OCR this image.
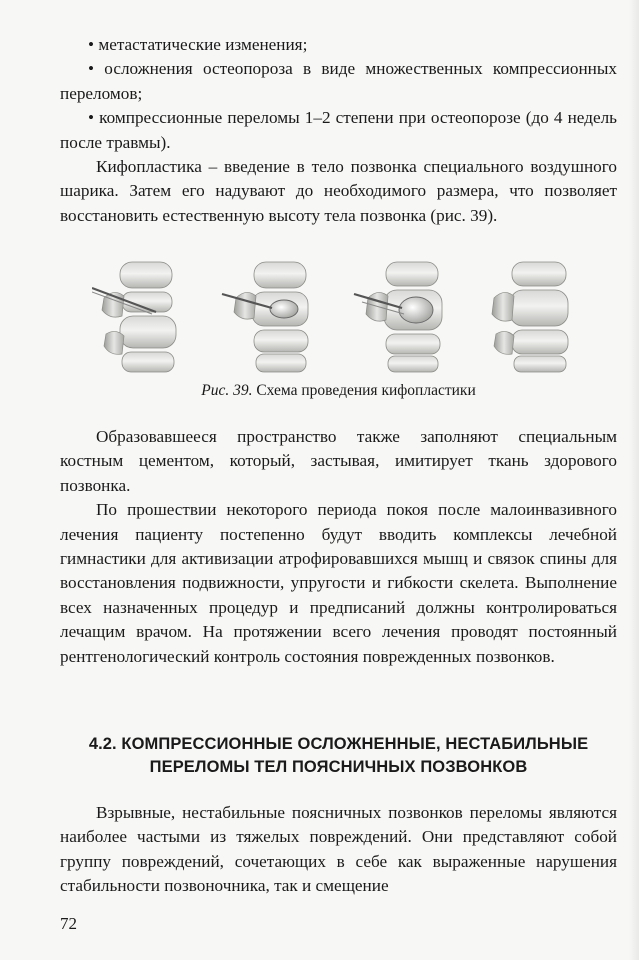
• метастатические изменения;

• осложнения остеопороза в виде множественных компрессионных переломов;

• компрессионные переломы 1–2 степени при остеопорозе (до 4 недель после травмы).

Кифопластика – введение в тело позвонка специального воздушного шарика. Затем его надувают до необходимого размера, что позволяет восстановить естественную высоту тела позвонка (рис. 39).

Рис. 39. Схема проведения кифопластики

Образовавшееся пространство также заполняют специальным костным цементом, который, застывая, имитирует ткань здорового позвонка.

По прошествии некоторого периода покоя после малоинвазивного лечения пациенту постепенно будут вводить комплексы лечебной гимнастики для активизации атрофировавшихся мышц и связок спины для восстановления подвижности, упругости и гибкости скелета. Выполнение всех назначенных процедур и предписаний должны контролироваться лечащим врачом. На протяжении всего лечения проводят постоянный рентгенологический контроль состояния поврежденных позвонков.

4.2. КОМПРЕССИОННЫЕ ОСЛОЖНЕННЫЕ, НЕСТАБИЛЬНЫЕ
ПЕРЕЛОМЫ ТЕЛ ПОЯСНИЧНЫХ ПОЗВОНКОВ

Взрывные, нестабильные поясничных позвонков переломы являются наиболее частыми из тяжелых повреждений. Они представляют собой группу повреждений, сочетающих в себе как выраженные нарушения стабильности позвоночника, так и смещение

72
